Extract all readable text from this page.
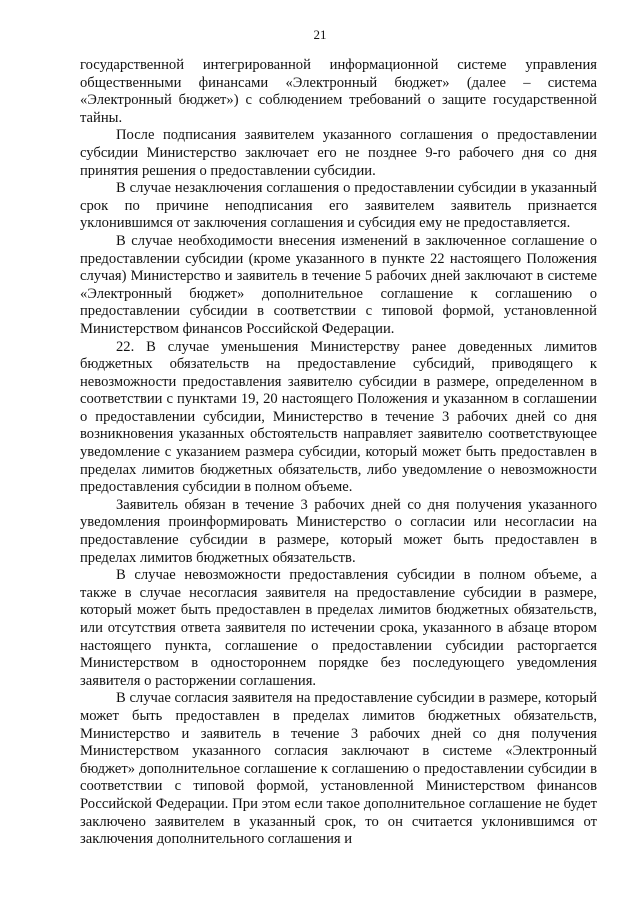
21

государственной интегрированной информационной системе управления общественными финансами «Электронный бюджет» (далее – система «Электронный бюджет») с соблюдением требований о защите государственной тайны.

После подписания заявителем указанного соглашения о предоставлении субсидии Министерство заключает его не позднее 9-го рабочего дня со дня принятия решения о предоставлении субсидии.

В случае незаключения соглашения о предоставлении субсидии в указанный срок по причине неподписания его заявителем заявитель признается уклонившимся от заключения соглашения и субсидия ему не предоставляется.

В случае необходимости внесения изменений в заключенное соглашение о предоставлении субсидии (кроме указанного в пункте 22 настоящего Положения случая) Министерство и заявитель в течение 5 рабочих дней заключают в системе «Электронный бюджет» дополнительное соглашение к соглашению о предоставлении субсидии в соответствии с типовой формой, установленной Министерством финансов Российской Федерации.

22. В случае уменьшения Министерству ранее доведенных лимитов бюджетных обязательств на предоставление субсидий, приводящего к невозможности предоставления заявителю субсидии в размере, определенном в соответствии с пунктами 19, 20 настоящего Положения и указанном в соглашении о предоставлении субсидии, Министерство в течение 3 рабочих дней со дня возникновения указанных обстоятельств направляет заявителю соответствующее уведомление с указанием размера субсидии, который может быть предоставлен в пределах лимитов бюджетных обязательств, либо уведомление о невозможности предоставления субсидии в полном объеме.

Заявитель обязан в течение 3 рабочих дней со дня получения указанного уведомления проинформировать Министерство о согласии или несогласии на предоставление субсидии в размере, который может быть предоставлен в пределах лимитов бюджетных обязательств.

В случае невозможности предоставления субсидии в полном объеме, а также в случае несогласия заявителя на предоставление субсидии в размере, который может быть предоставлен в пределах лимитов бюджетных обязательств, или отсутствия ответа заявителя по истечении срока, указанного в абзаце втором настоящего пункта, соглашение о предоставлении субсидии расторгается Министерством в одностороннем порядке без последующего уведомления заявителя о расторжении соглашения.

В случае согласия заявителя на предоставление субсидии в размере, который может быть предоставлен в пределах лимитов бюджетных обязательств, Министерство и заявитель в течение 3 рабочих дней со дня получения Министерством указанного согласия заключают в системе «Электронный бюджет» дополнительное соглашение к соглашению о предоставлении субсидии в соответствии с типовой формой, установленной Министерством финансов Российской Федерации. При этом если такое дополнительное соглашение не будет заключено заявителем в указанный срок, то он считается уклонившимся от заключения дополнительного соглашения и
